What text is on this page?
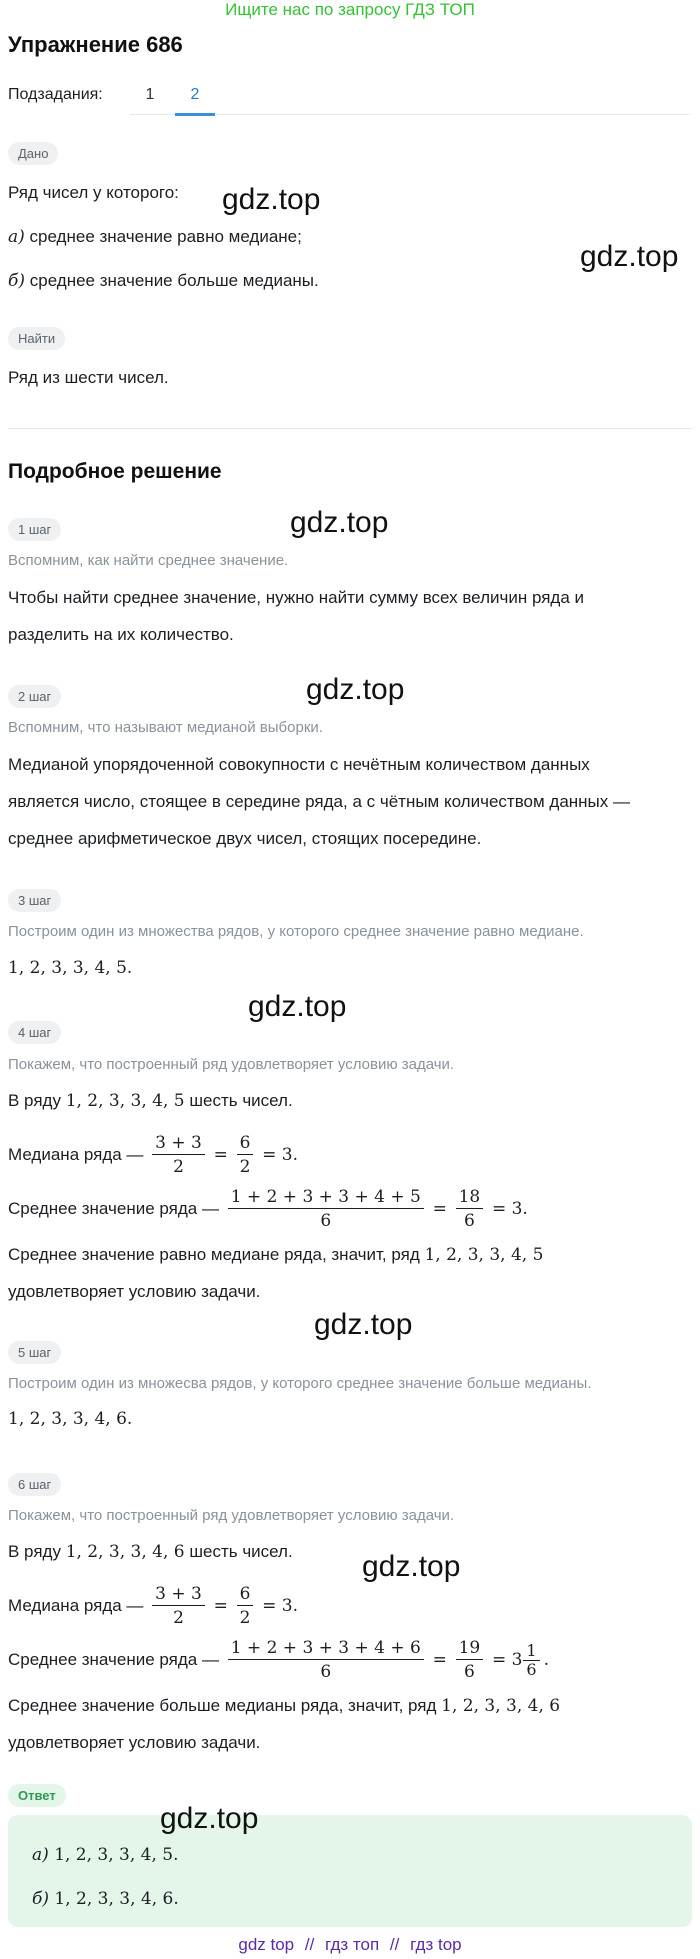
Ищите нас по запросу ГДЗ ТОП
Упражнение 686
Подзадания:	1	2
Дано
Ряд чисел у которого:
а) среднее значение равно медиане;
б) среднее значение больше медианы.
Найти
Ряд из шести чисел.
Подробное решение
1 шаг
Вспомним, как найти среднее значение.
Чтобы найти среднее значение, нужно найти сумму всех величин ряда и
разделить на их количество.
2 шаг
Вспомним, что называют медианой выборки.
Медианой упорядоченной совокупности с нечётным количеством данных
является число, стоящее в середине ряда, а с чётным количеством данных —
среднее арифметическое двух чисел, стоящих посередине.
3 шаг
Построим один из множества рядов, у которого среднее значение равно медиане.
1, 2, 3, 3, 4, 5.
4 шаг
Покажем, что построенный ряд удовлетворяет условию задачи.
В ряду 1, 2, 3, 3, 4, 5 шесть чисел.
Медиана ряда — $\frac{3 + 3}{2} = \frac{6}{2} = 3$.
Среднее значение ряда — $\frac{1 + 2 + 3 + 3 + 4 + 5}{6} = \frac{18}{6} = 3$.
Среднее значение равно медиане ряда, значит, ряд 1, 2, 3, 3, 4, 5
удовлетворяет условию задачи.
5 шаг
Построим один из множесва рядов, у которого среднее значение больше медианы.
1, 2, 3, 3, 4, 6.
6 шаг
Покажем, что построенный ряд удовлетворяет условию задачи.
В ряду 1, 2, 3, 3, 4, 6 шесть чисел.
Медиана ряда — $\frac{3 + 3}{2} = \frac{6}{2} = 3$.
Среднее значение ряда — $\frac{1 + 2 + 3 + 3 + 4 + 6}{6} = \frac{19}{6} = 3 \frac{1}{6}$ .
Среднее значение больше медианы ряда, значит, ряд 1, 2, 3, 3, 4, 6
удовлетворяет условию задачи.
Ответ
а) 1, 2, 3, 3, 4, 5.
б) 1, 2, 3, 3, 4, 6.
gdz.top
gdz.top
gdz.top
gdz.top
gdz.top
gdz.top
gdz.top
gdz.top
gdz top // гдз топ // гдз top
